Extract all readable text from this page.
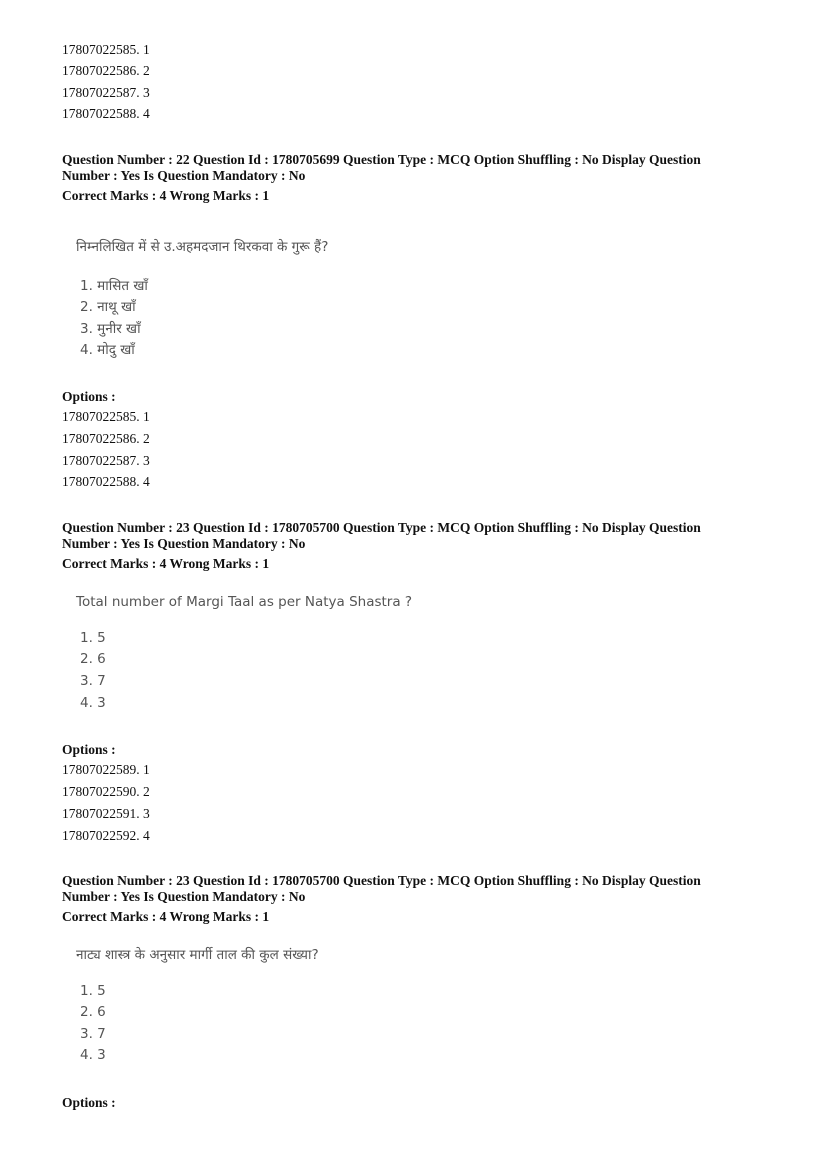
17807022585. 1
17807022586. 2
17807022587. 3
17807022588. 4
Question Number : 22 Question Id : 1780705699 Question Type : MCQ Option Shuffling : No Display Question
Number : Yes Is Question Mandatory : No
Correct Marks : 4 Wrong Marks : 1
निम्नलिखित में से उ.अहमदजान थिरकवा के गुरू हैं?
1. मासित खाँ
2. नाथू खाँ
3. मुनीर खाँ
4. मोदु खाँ
Options :
17807022585. 1
17807022586. 2
17807022587. 3
17807022588. 4
Question Number : 23 Question Id : 1780705700 Question Type : MCQ Option Shuffling : No Display Question
Number : Yes Is Question Mandatory : No
Correct Marks : 4 Wrong Marks : 1
Total number of Margi Taal as per Natya Shastra ?
1. 5
2. 6
3. 7
4. 3
Options :
17807022589. 1
17807022590. 2
17807022591. 3
17807022592. 4
Question Number : 23 Question Id : 1780705700 Question Type : MCQ Option Shuffling : No Display Question
Number : Yes Is Question Mandatory : No
Correct Marks : 4 Wrong Marks : 1
नाट्य शास्त्र के अनुसार मार्गी ताल की कुल संख्या?
1. 5
2. 6
3. 7
4. 3
Options :
